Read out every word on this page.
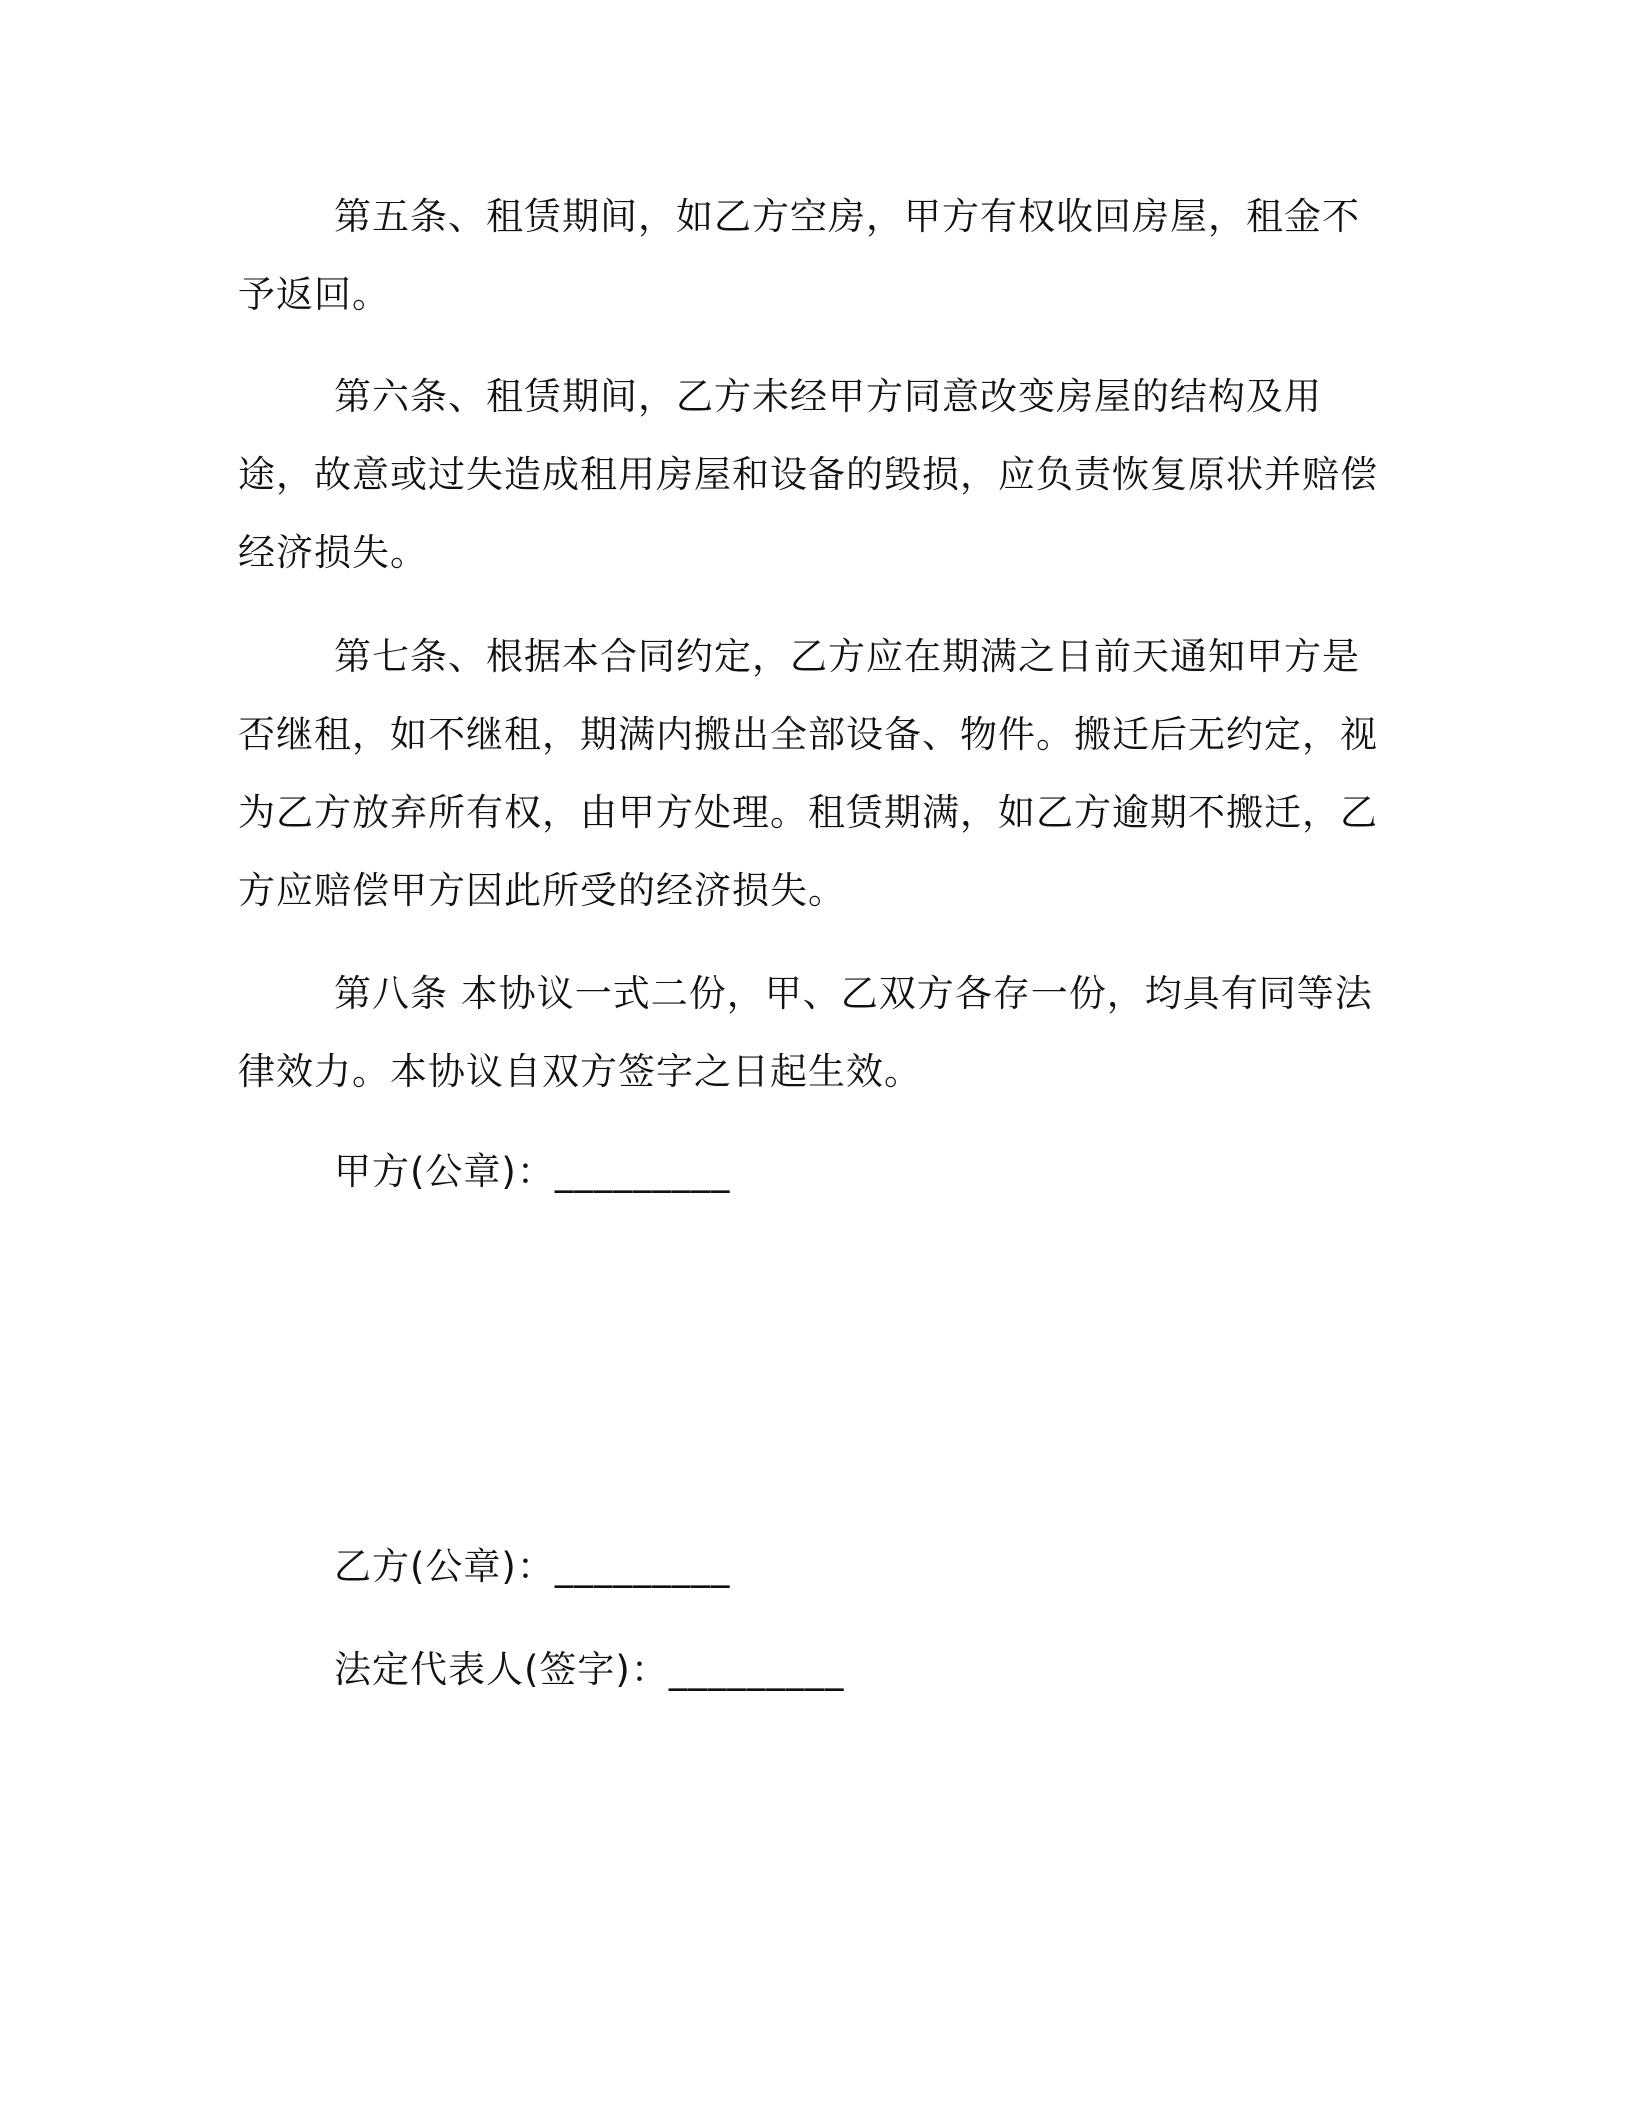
第五条、租赁期间，如乙方空房，甲方有权收回房屋，租金不予返回。

第六条、租赁期间，乙方未经甲方同意改变房屋的结构及用途，故意或过失造成租用房屋和设备的毁损，应负责恢复原状并赔偿经济损失。

第七条、根据本合同约定，乙方应在期满之日前天通知甲方是否继租，如不继租，期满内搬出全部设备、物件。搬迁后无约定，视为乙方放弃所有权，由甲方处理。租赁期满，如乙方逾期不搬迁，乙方应赔偿甲方因此所受的经济损失。

第八条 本协议一式二份，甲、乙双方各存一份，均具有同等法律效力。本协议自双方签字之日起生效。

甲方(公章)：_________

乙方(公章)：_________

法定代表人(签字)：_________
